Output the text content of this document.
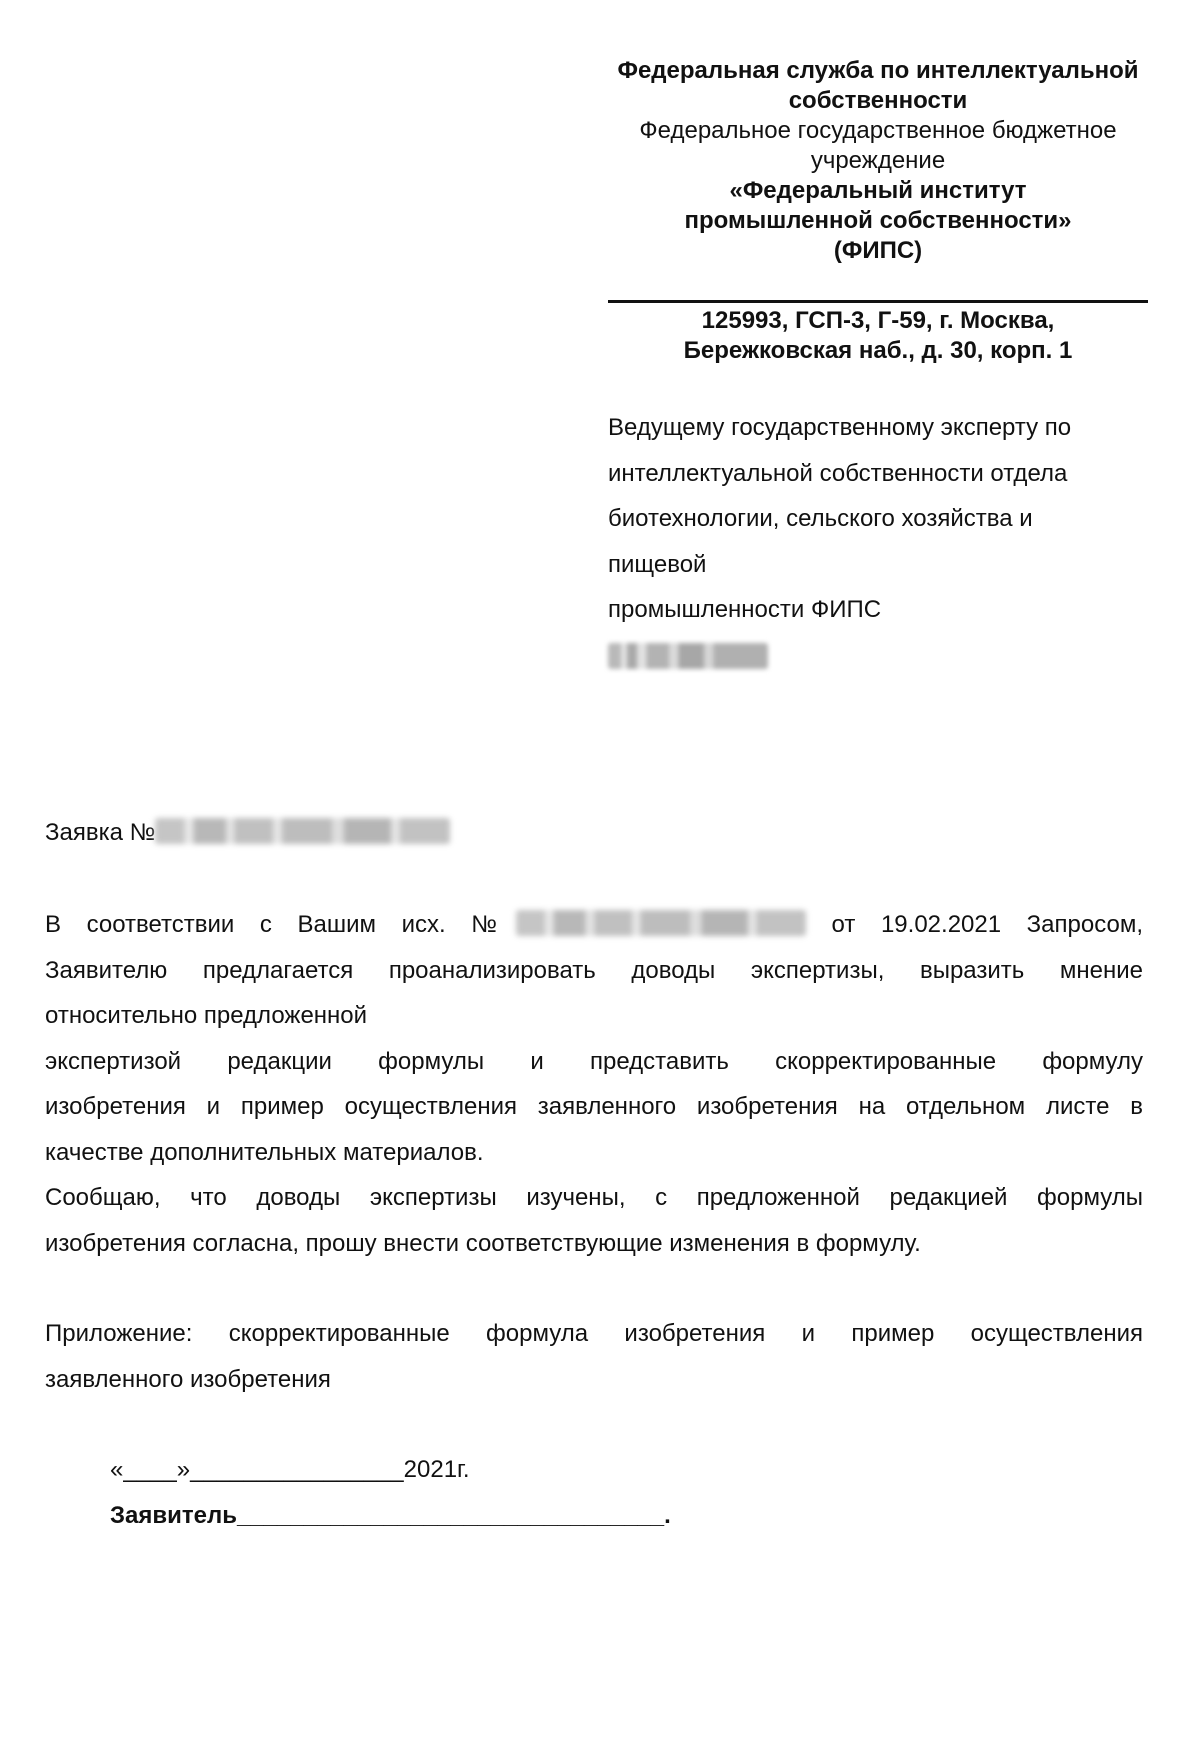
Федеральная служба по интеллектуальной
собственности
Федеральное государственное бюджетное
учреждение
«Федеральный институт
промышленной собственности»
(ФИПС)
125993, ГСП-3, Г-59, г. Москва,
Бережковская наб., д. 30, корп. 1
Ведущему государственному эксперту по
интеллектуальной собственности отдела
биотехнологии, сельского хозяйства и
пищевой
промышленности ФИПС
Заявка №
В соответствии с Вашим исх. №	от 19.02.2021 Запросом,
Заявителю предлагается проанализировать доводы экспертизы, выразить мнение
относительно предложенной
экспертизой редакции формулы и представить скорректированные формулу
изобретения и пример осуществления заявленного изобретения на отдельном листе в
качестве дополнительных материалов.
Сообщаю, что доводы экспертизы изучены, с предложенной редакцией формулы
изобретения согласна, прошу внести соответствующие изменения в формулу.
Приложение: скорректированные формула изобретения и пример осуществления
заявленного изобретения
«____»________________2021г.
Заявитель________________________________.
